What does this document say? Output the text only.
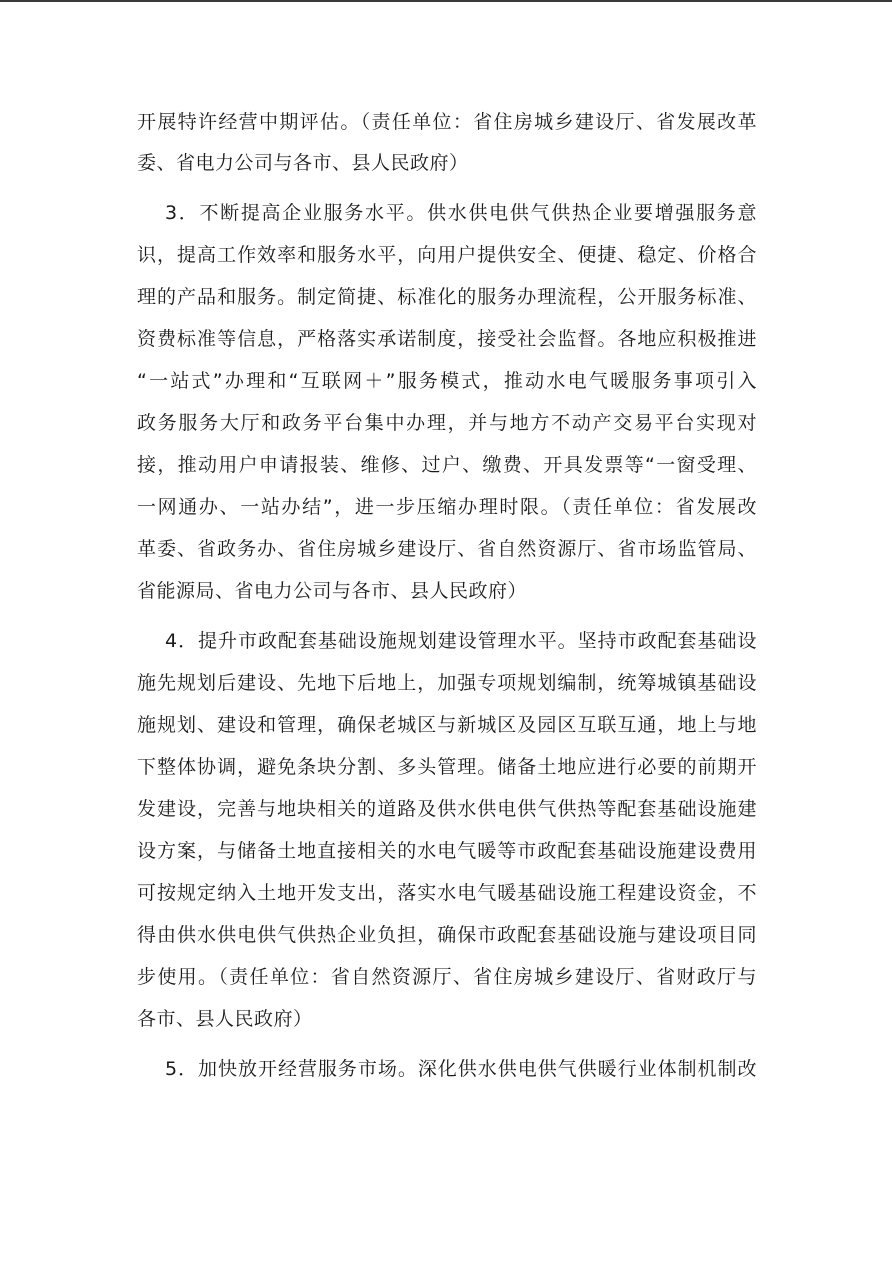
开展特许经营中期评估。（责任单位：省住房城乡建设厅、省发展改革
委、省电力公司与各市、县人民政府）
3．不断提高企业服务水平。供水供电供气供热企业要增强服务意
识，提高工作效率和服务水平，向用户提供安全、便捷、稳定、价格合
理的产品和服务。制定简捷、标准化的服务办理流程，公开服务标准、
资费标准等信息，严格落实承诺制度，接受社会监督。各地应积极推进
“一站式”办理和“互联网＋”服务模式，推动水电气暖服务事项引入
政务服务大厅和政务平台集中办理，并与地方不动产交易平台实现对
接，推动用户申请报装、维修、过户、缴费、开具发票等“一窗受理、
一网通办、一站办结”，进一步压缩办理时限。（责任单位：省发展改
革委、省政务办、省住房城乡建设厅、省自然资源厅、省市场监管局、
省能源局、省电力公司与各市、县人民政府）
4．提升市政配套基础设施规划建设管理水平。坚持市政配套基础设
施先规划后建设、先地下后地上，加强专项规划编制，统筹城镇基础设
施规划、建设和管理，确保老城区与新城区及园区互联互通，地上与地
下整体协调，避免条块分割、多头管理。储备土地应进行必要的前期开
发建设，完善与地块相关的道路及供水供电供气供热等配套基础设施建
设方案，与储备土地直接相关的水电气暖等市政配套基础设施建设费用
可按规定纳入土地开发支出，落实水电气暖基础设施工程建设资金，不
得由供水供电供气供热企业负担，确保市政配套基础设施与建设项目同
步使用。（责任单位：省自然资源厅、省住房城乡建设厅、省财政厅与
各市、县人民政府）
5．加快放开经营服务市场。深化供水供电供气供暖行业体制机制改
